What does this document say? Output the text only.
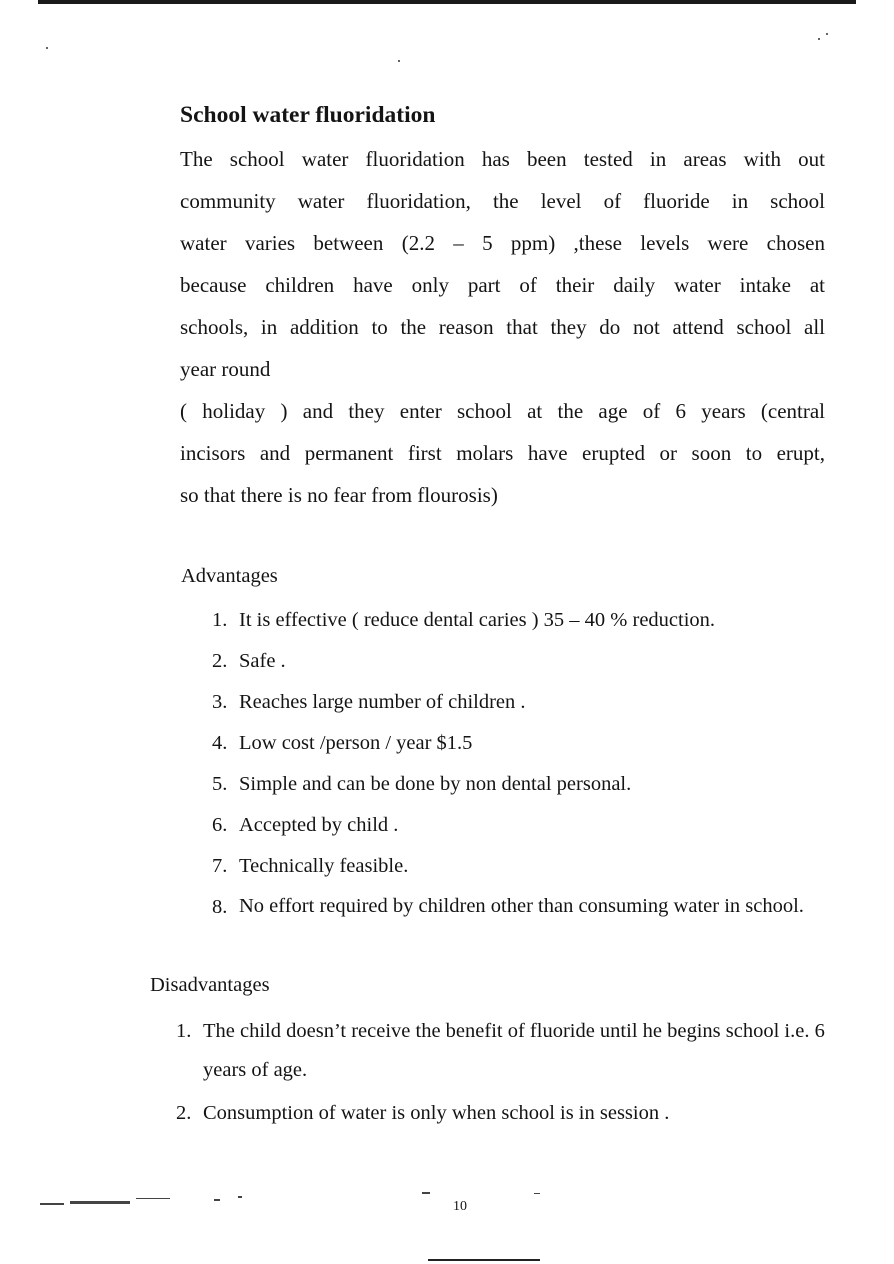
School water fluoridation
The school water fluoridation has been tested in areas with out
community water fluoridation, the level of fluoride in school
water varies between (2.2 – 5 ppm) ,these levels were chosen
because children have only part of their daily water intake at
schools, in addition to the reason that they do not attend school all
year round
( holiday ) and they enter school at the age of 6 years (central
incisors and permanent first molars have erupted or soon to erupt,
so that there is no fear from flourosis)

Advantages

1. It is effective ( reduce dental caries ) 35 – 40 % reduction.
2. Safe .
3. Reaches large number of children .
4. Low cost /person / year $1.5
5. Simple and can be done by non dental personal.
6. Accepted by child .
7. Technically feasible.
8. No effort required by children other than consuming water in school.

Disadvantages

1. The child doesn’t receive the benefit of fluoride until he begins school i.e. 6 years of age.
2. Consumption of water is only when school is in session .
10
